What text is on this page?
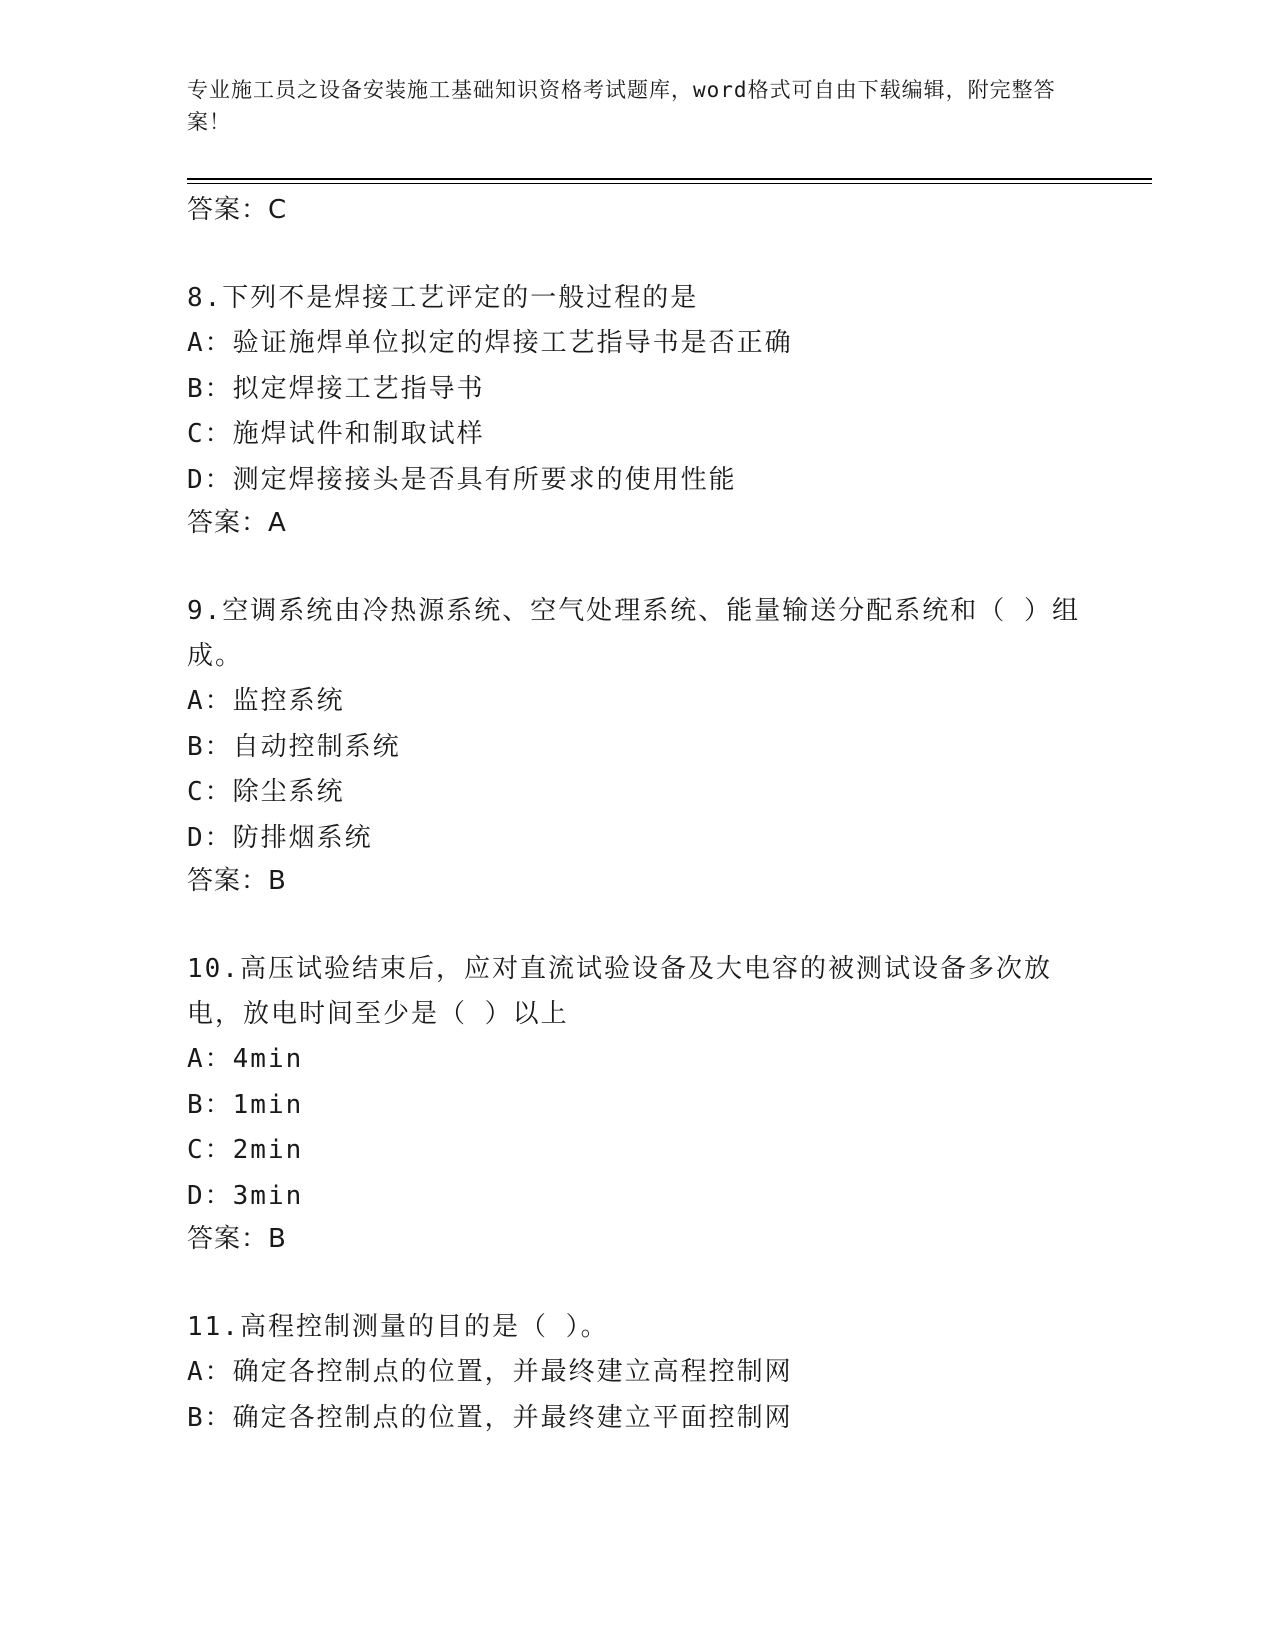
专业施工员之设备安装施工基础知识资格考试题库，word格式可自由下载编辑，附完整答案！

答案：C

8.下列不是焊接工艺评定的一般过程的是

A：验证施焊单位拟定的焊接工艺指导书是否正确

B：拟定焊接工艺指导书

C：施焊试件和制取试样

D：测定焊接接头是否具有所要求的使用性能

答案：A

9.空调系统由冷热源系统、空气处理系统、能量输送分配系统和（ ）组成。

A：监控系统

B：自动控制系统

C：除尘系统

D：防排烟系统

答案：B

10.高压试验结束后，应对直流试验设备及大电容的被测试设备多次放电，放电时间至少是（ ）以上

A：4min

B：1min

C：2min

D：3min

答案：B

11.高程控制测量的目的是（ ）。

A：确定各控制点的位置，并最终建立高程控制网

B：确定各控制点的位置，并最终建立平面控制网
